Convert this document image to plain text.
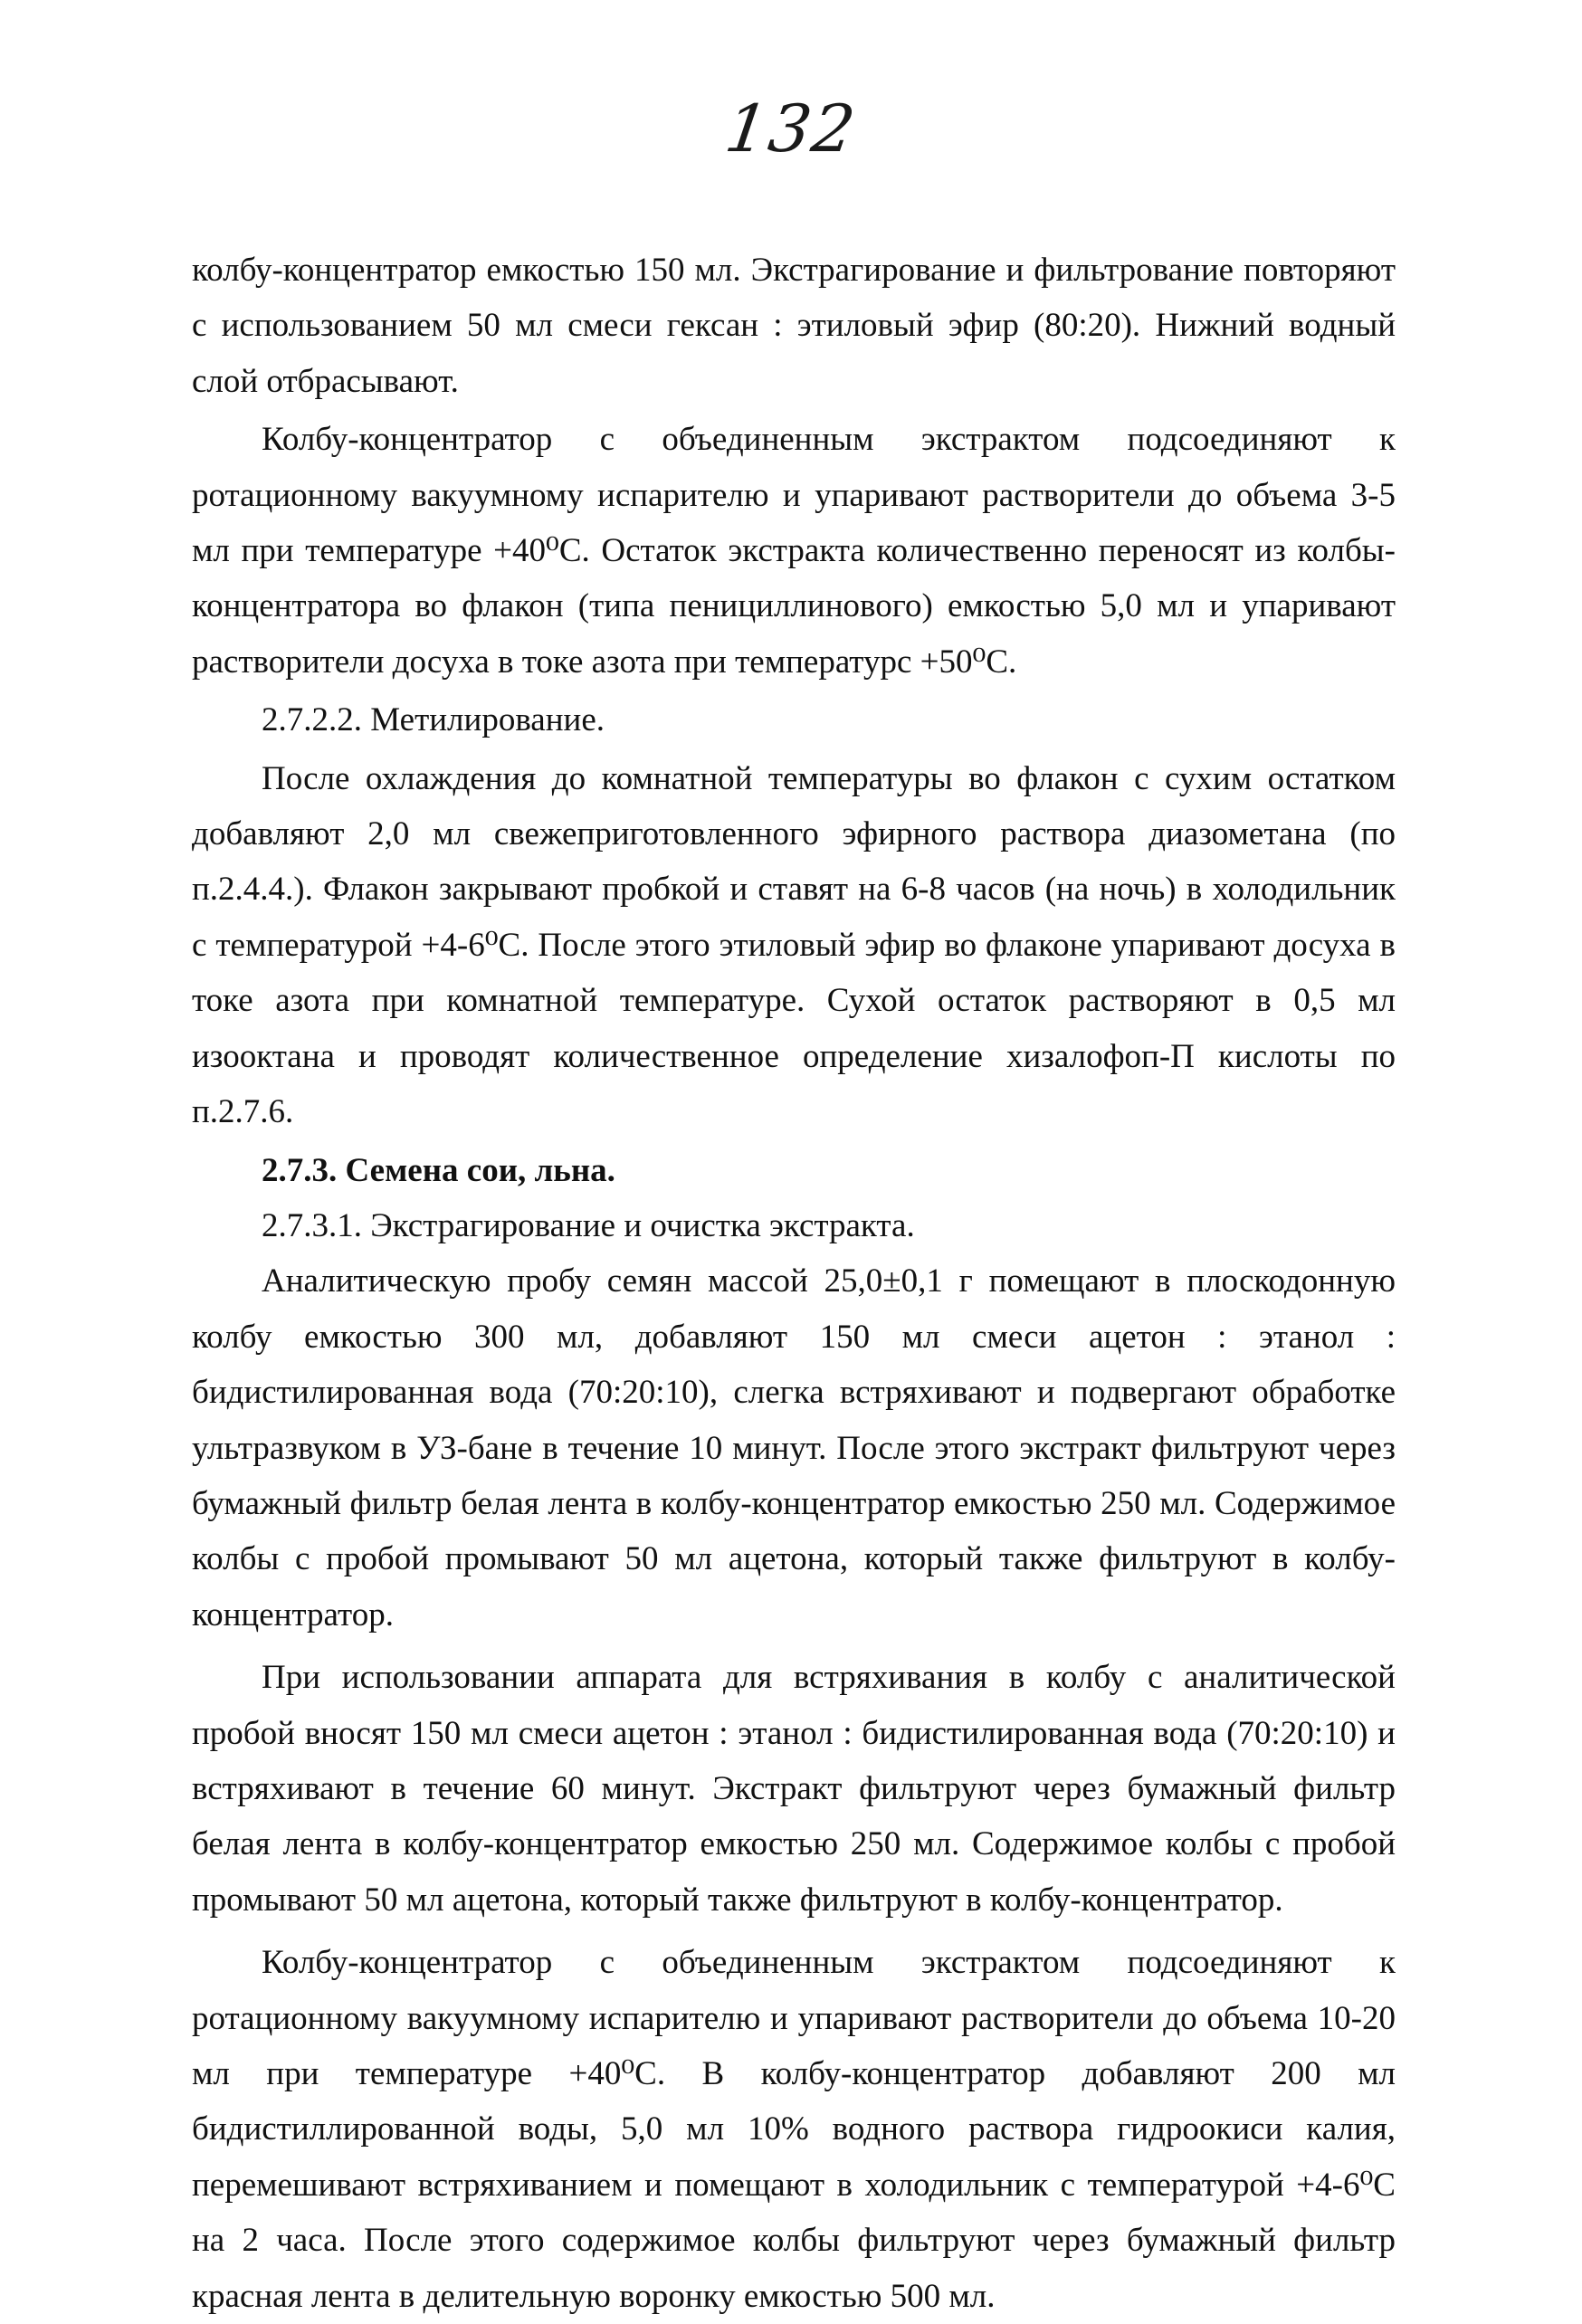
132

колбу-концентратор емкостью 150 мл. Экстрагирование и фильтрование повторяют с использованием 50 мл смеси гексан : этиловый эфир (80:20). Нижний водный слой отбрасывают.

Колбу-концентратор с объединенным экстрактом подсоединяют к ротационному вакуумному испарителю и упаривают растворители до объема 3-5 мл при температуре +40⁰С. Остаток экстракта количественно переносят из колбы-концентратора во флакон (типа пенициллинового) емкостью 5,0 мл и упаривают растворители досуха в токе азота при температурс +50⁰С.

2.7.2.2. Метилирование.

После охлаждения до комнатной температуры во флакон с сухим остатком добавляют 2,0 мл свежеприготовленного эфирного раствора диазометана (по п.2.4.4.). Флакон закрывают пробкой и ставят на 6-8 часов (на ночь) в холодильник с температурой +4-6⁰С. После этого этиловый эфир во флаконе упаривают досуха в токе азота при комнатной температуре. Сухой остаток растворяют в 0,5 мл изооктана и проводят количественное определение хизалофоп-П кислоты по п.2.7.6.

2.7.3. Семена сои, льна.

2.7.3.1. Экстрагирование и очистка экстракта.

Аналитическую пробу семян массой 25,0±0,1 г помещают в плоскодонную колбу емкостью 300 мл, добавляют 150 мл смеси ацетон : этанол : бидистилированная вода (70:20:10), слегка встряхивают и подвергают обработке ультразвуком в УЗ-бане в течение 10 минут. После этого экстракт фильтруют через бумажный фильтр белая лента в колбу-концентратор емкостью 250 мл. Содержимое колбы с пробой промывают 50 мл ацетона, который также фильтруют в колбу-концентратор.

При использовании аппарата для встряхивания в колбу с аналитической пробой вносят 150 мл смеси ацетон : этанол : бидистилированная вода (70:20:10) и встряхивают в течение 60 минут. Экстракт фильтруют через бумажный фильтр белая лента в колбу-концентратор емкостью 250 мл. Содержимое колбы с пробой промывают 50 мл ацетона, который также фильтруют в колбу-концентратор.

Колбу-концентратор с объединенным экстрактом подсоединяют к ротационному вакуумному испарителю и упаривают растворители до объема 10-20 мл при температуре +40⁰С. В колбу-концентратор добавляют 200 мл бидистиллированной воды, 5,0 мл 10% водного раствора гидроокиси калия, перемешивают встряхиванием и помещают в холодильник с температурой +4-6⁰С на 2 часа. После этого содержимое колбы фильтруют через бумажный фильтр красная лента в делительную воронку емкостью 500 мл.
